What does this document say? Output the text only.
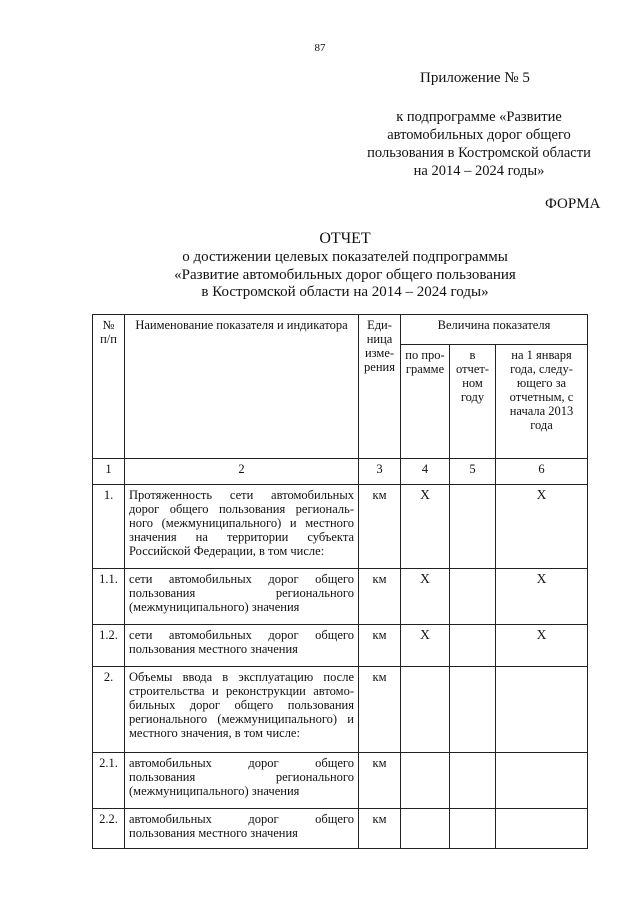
87
Приложение № 5
к подпрограмме «Развитие
автомобильных дорог общего
пользования в Костромской области
на 2014 – 2024 годы»
ФОРМА
ОТЧЕТ
о достижении целевых показателей подпрограммы
«Развитие автомобильных дорог общего пользования
в Костромской области на 2014 – 2024 годы»
№ п/п	Наименование показателя и индикатора	Еди-ница изме-рения	Величина показателя		
			по про-грамме	в отчет-ном году	на 1 января года, следу-ющего за отчетным, с начала 2013 года
1	2	3	4	5	6
1.	Протяженность сети автомобильных дорог общего пользования региональ-ного (межмуниципального) и местного значения на территории субъекта Российской Федерации, в том числе:	км	X		X
1.1.	сети автомобильных дорог общего пользования регионального (межмуниципального) значения	км	X		X
1.2.	сети автомобильных дорог общего пользования местного значения	км	X		X
2.	Объемы ввода в эксплуатацию после строительства и реконструкции автомо-бильных дорог общего пользования регионального (межмуниципального) и местного значения, в том числе:	км			
2.1.	автомобильных дорог общего пользования регионального (межмуниципального) значения	км			
2.2.	автомобильных дорог общего пользования местного значения	км			
